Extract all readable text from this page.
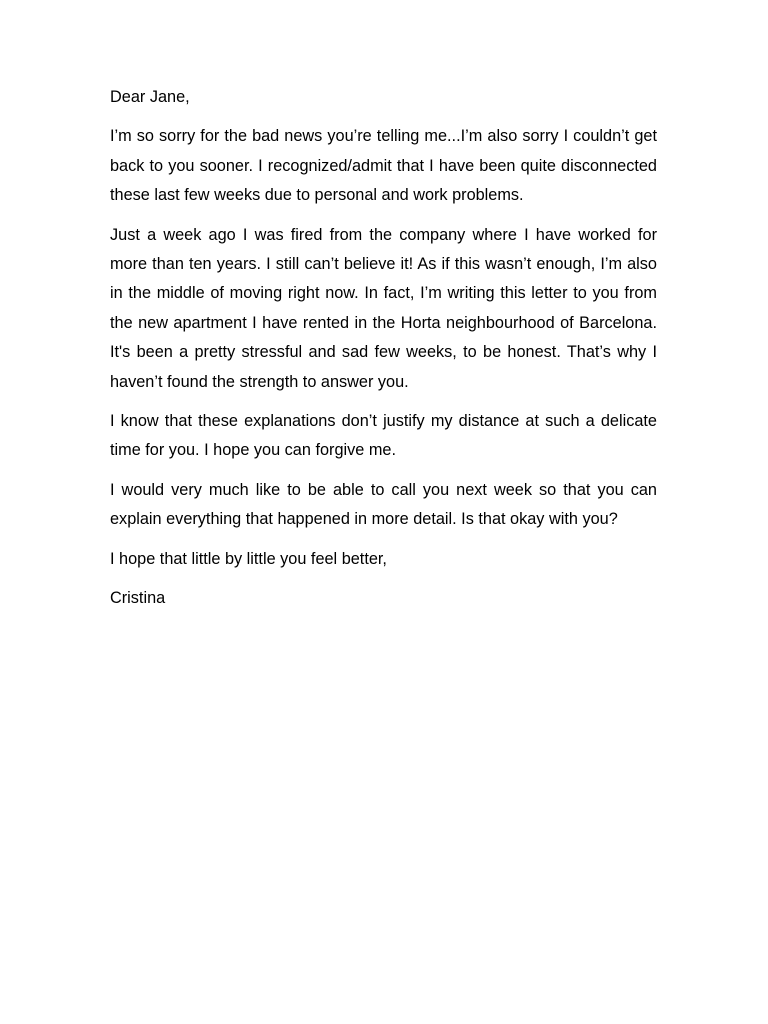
Dear Jane,

I’m so sorry for the bad news you’re telling me...I’m also sorry I couldn’t get back to you sooner. I recognized/admit that I have been quite disconnected these last few weeks due to personal and work problems.

Just a week ago I was fired from the company where I have worked for more than ten years. I still can’t believe it! As if this wasn’t enough, I’m also in the middle of moving right now. In fact, I’m writing this letter to you from the new apartment I have rented in the Horta neighbourhood of Barcelona. It's been a pretty stressful and sad few weeks, to be honest. That’s why I haven’t found the strength to answer you.

I know that these explanations don’t justify my distance at such a delicate time for you. I hope you can forgive me.

I would very much like to be able to call you next week so that you can explain everything that happened in more detail. Is that okay with you?

I hope that little by little you feel better,

Cristina
